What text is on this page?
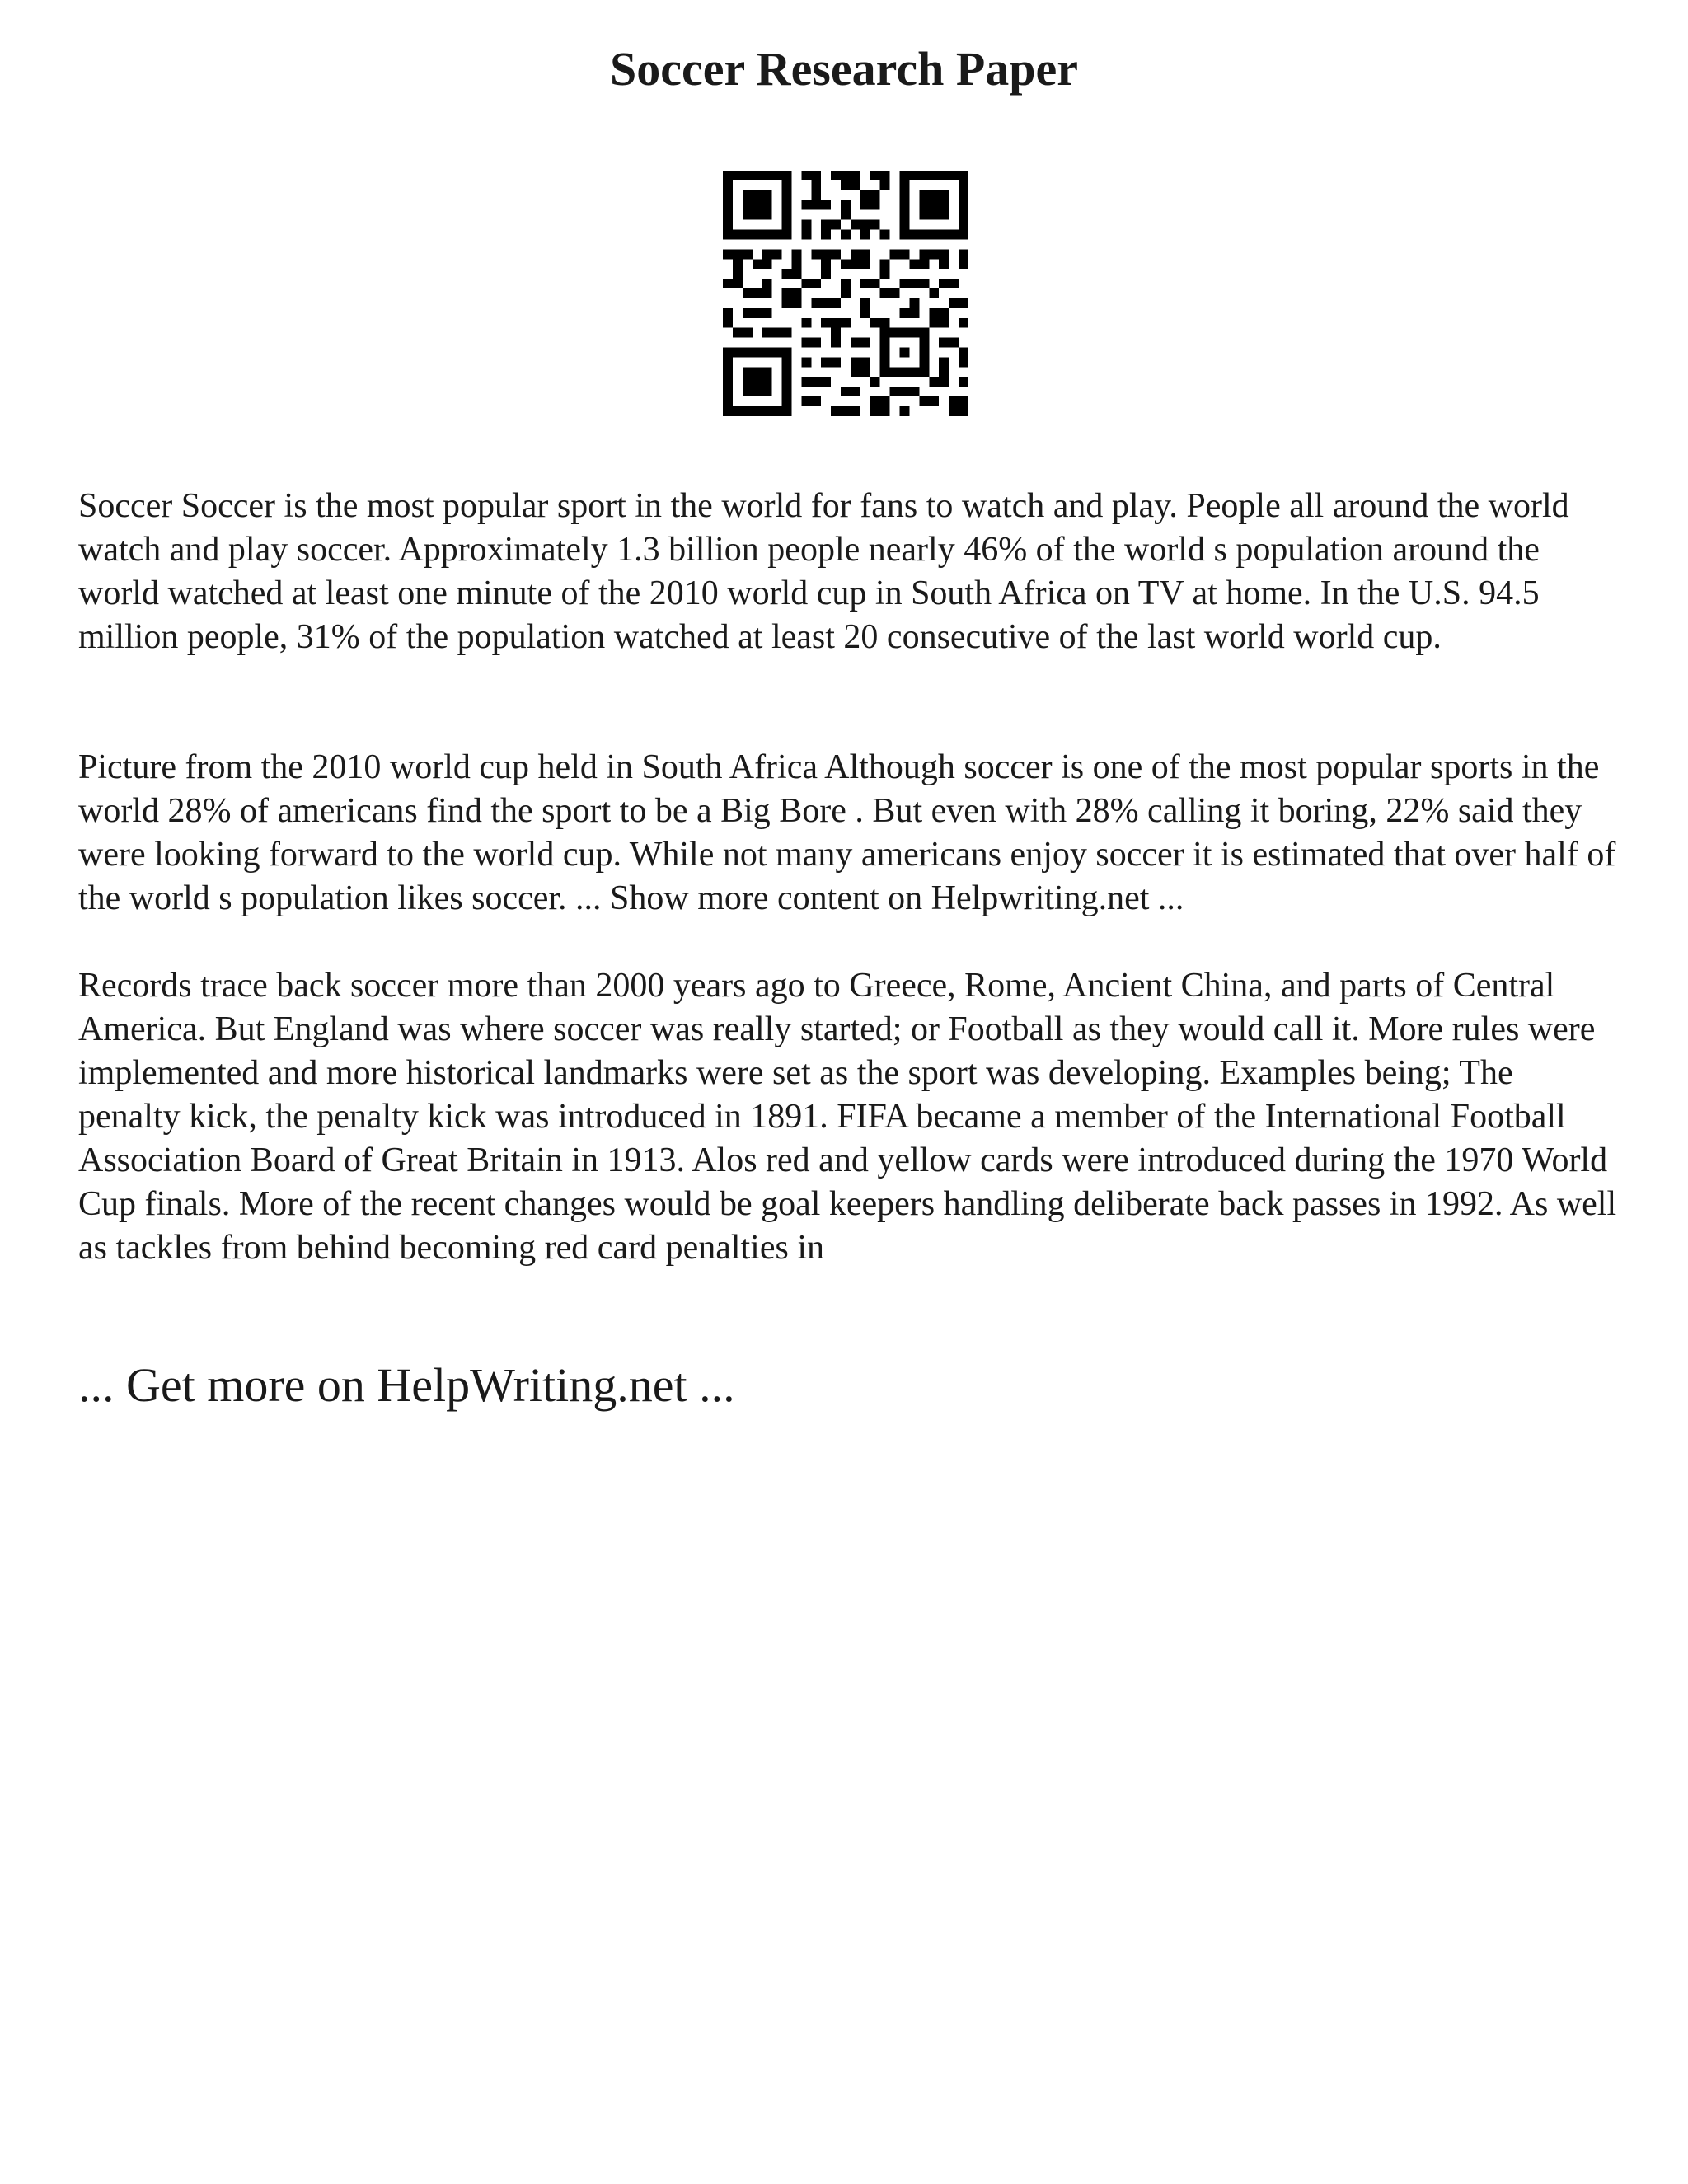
Soccer Research Paper

Soccer Soccer is the most popular sport in the world for fans to watch and play. People all around the world watch and play soccer. Approximately 1.3 billion people nearly 46% of the world s population around the world watched at least one minute of the 2010 world cup in South Africa on TV at home. In the U.S. 94.5 million people, 31% of the population watched at least 20 consecutive of the last world world cup.

Picture from the 2010 world cup held in South Africa Although soccer is one of the most popular sports in the world 28% of americans find the sport to be a Big Bore . But even with 28% calling it boring, 22% said they were looking forward to the world cup. While not many americans enjoy soccer it is estimated that over half of the world s population likes soccer. ... Show more content on Helpwriting.net ...

Records trace back soccer more than 2000 years ago to Greece, Rome, Ancient China, and parts of Central America. But England was where soccer was really started; or Football as they would call it. More rules were implemented and more historical landmarks were set as the sport was developing. Examples being; The penalty kick, the penalty kick was introduced in 1891. FIFA became a member of the International Football Association Board of Great Britain in 1913. Alos red and yellow cards were introduced during the 1970 World Cup finals. More of the recent changes would be goal keepers handling deliberate back passes in 1992. As well as tackles from behind becoming red card penalties in

... Get more on HelpWriting.net ...
